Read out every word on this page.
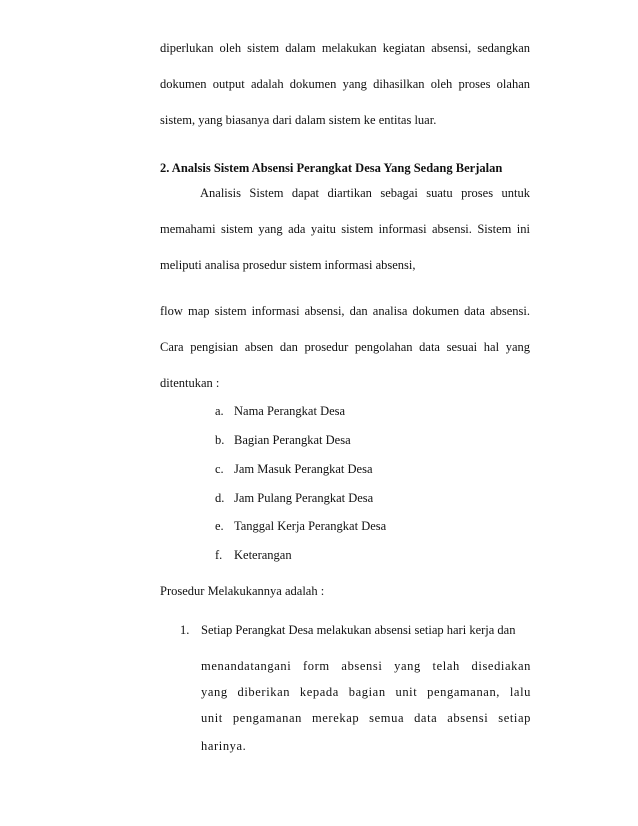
diperlukan oleh sistem dalam melakukan kegiatan absensi, sedangkan
dokumen output adalah dokumen yang dihasilkan oleh proses olahan
sistem, yang biasanya dari dalam sistem ke entitas luar.
2. Analsis Sistem Absensi Perangkat Desa Yang Sedang Berjalan
Analisis Sistem dapat diartikan sebagai suatu proses untuk
memahami sistem yang ada yaitu sistem informasi absensi. Sistem ini
meliputi analisa prosedur sistem informasi absensi,
flow map sistem informasi absensi, dan analisa dokumen data absensi.
Cara pengisian absen dan prosedur pengolahan data sesuai hal yang
ditentukan :
a. Nama Perangkat Desa
b. Bagian Perangkat Desa
c. Jam Masuk Perangkat Desa
d. Jam Pulang Perangkat Desa
e. Tanggal Kerja Perangkat Desa
f. Keterangan
Prosedur Melakukannya adalah :
1. Setiap Perangkat Desa melakukan absensi setiap hari kerja dan
menandatangani form absensi yang telah disediakan
yang diberikan kepada bagian unit pengamanan, lalu
unit pengamanan merekap semua data absensi setiap
harinya.
